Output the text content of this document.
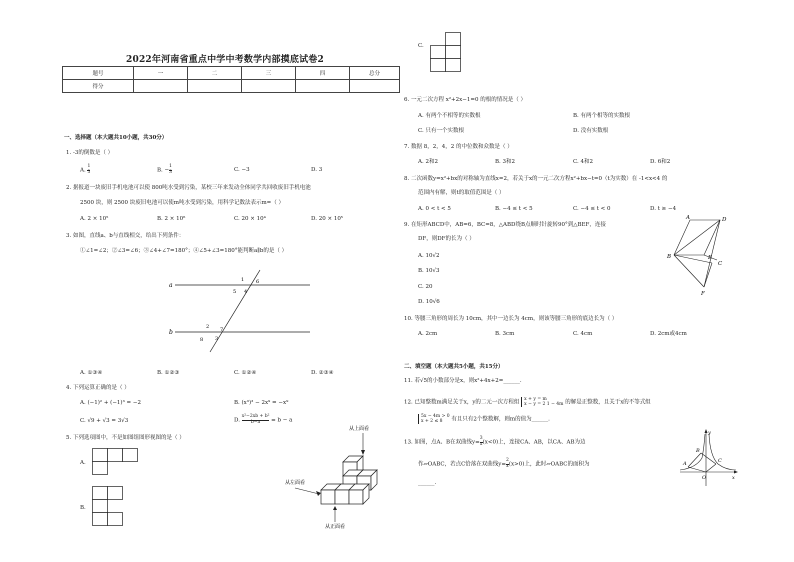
2022年河南省重点中学中考数学内部摸底试卷2
题号	一	二	三	四	总分
得分					
一、选择题（本大题共10小题，共30分）
1. -3的倒数是（ ）
A. $\frac{1}{3}$	B. − $\frac{1}{3}$	C. −3	D. 3
2. 据报道一块废旧手机电池可以使 800吨水受到污染，某校三年来发动全体同学共回收废旧手机电池
2500 块，则 2500 块废旧电池可以使m吨水受到污染，用科学记数法表示m=（ ）
A. 2 × 10⁵	B. 2 × 10⁶	C. 20 × 10⁴	D. 20 × 10⁵
3. 如图，直线a、b与直线相交，给出下列条件：
①∠1=∠2；②∠3=∠6；③∠4+∠7=180°；④∠5+∠3=180°能判断a∥b的是（ ）
a
b
1 6
4
5
2 7
3
8
A. ①③④	B. ①②③	C. ①②④	D. ②③④
4. 下列运算正确的是（ ）
A. (−1)² + (−1)³ = −2	B. (x³)³ − 2x⁹ = −x⁹
C. √9 + √3 = 3√3	D. $\frac{\text{x²−2xb + b²}}{b-a} = b - a$
5. 下列选项图中，不是如图组图形视图的是（ ）
A.
B.
从上面看
从左面看
从正面看
C.
6. 一元二次方程 x²+2x−1=0 的根的情况是（ ）
A. 有两个不相等的实数根	B. 有两个相等的实数根
C. 只有一个实数根	D. 没有实数根
7. 数据 8，2，4，2 的中位数和众数是（ ）
A. 2和2	B. 3和2	C. 4和2	D. 6和2
8. 二次函数y=x²+bx的对称轴为直线x=2，若关于x的一元二次方程x²+bx−t=0（t为实数）在 -1<x<4 的
范围内有解，则t的取值范围是（ ）
A. 0 < t < 5	B. −4 ≤ t < 5	C. −4 ≤ t < 0	D. t ≥ −4
9. 在矩形ABCD中，AB=6，BC=8，△ABD绕B点顺时针旋转90°到△BEF，连接
DF，则DF的长为（ ）
A. 10√2
B. 10√3
C. 20
D. 10√6
A	D
B
C
E
F
10. 等腰三角形的周长为 10cm，其中一边长为 4cm，则该等腰三角形的底边长为（ ）
A. 2cm	B. 3cm	C. 4cm	D. 2cm或4cm
二、填空题（本大题共5小题，共15分）
11. 若√5的小数部分是x，则x²+4x+2=______.
12. 已知整数m满足关于x，y的二元一次方程组 x + y = m
x − y = 2 1 − 4m 的解是正整数，且关于x的不等式组
5x − 4m > 0
x + 2 ≤ 8	有且只有2个整数解，则m的值为______.
13. 如图，点A、B在双曲线$y= \frac{3}{x} (x<0)$上，连接CA、AB，以CA、AB为边
作▱OABC，若点C恰落在双曲线$y= \frac{2}{x} (x>0)$上，此时▱OABC的面积为
______.
y
x
O
A
B
C
